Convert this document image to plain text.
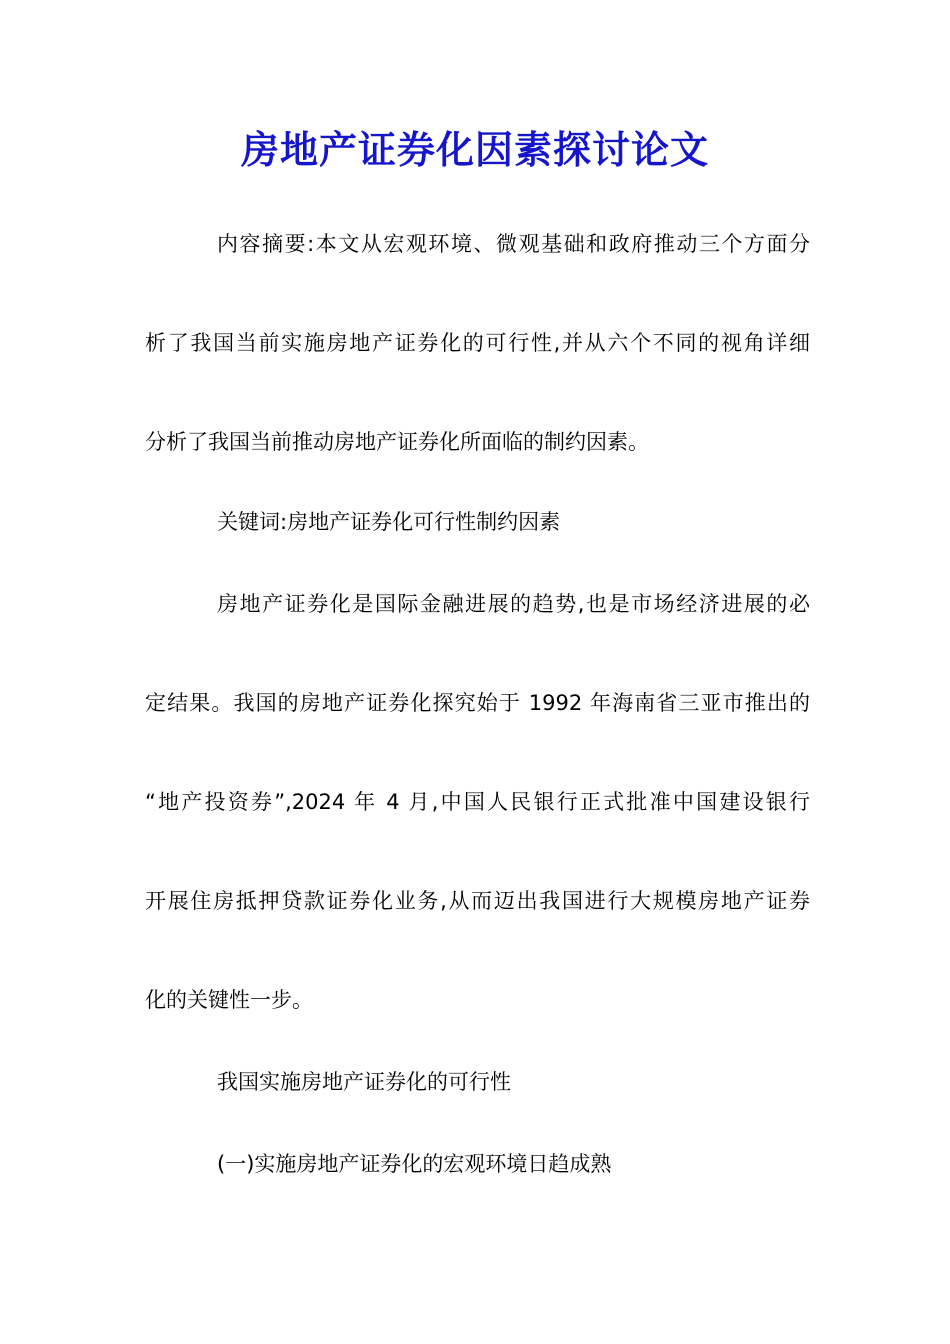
房地产证券化因素探讨论文
内容摘要:本文从宏观环境、微观基础和政府推动三个方面分
析了我国当前实施房地产证券化的可行性,并从六个不同的视角详细
分析了我国当前推动房地产证券化所面临的制约因素。
关键词:房地产证券化可行性制约因素
房地产证券化是国际金融进展的趋势,也是市场经济进展的必
定结果。我国的房地产证券化探究始于 1992 年海南省三亚市推出的
“地产投资券”,2024 年 4 月,中国人民银行正式批准中国建设银行
开展住房抵押贷款证券化业务,从而迈出我国进行大规模房地产证券
化的关键性一步。
我国实施房地产证券化的可行性
(一)实施房地产证券化的宏观环境日趋成熟
